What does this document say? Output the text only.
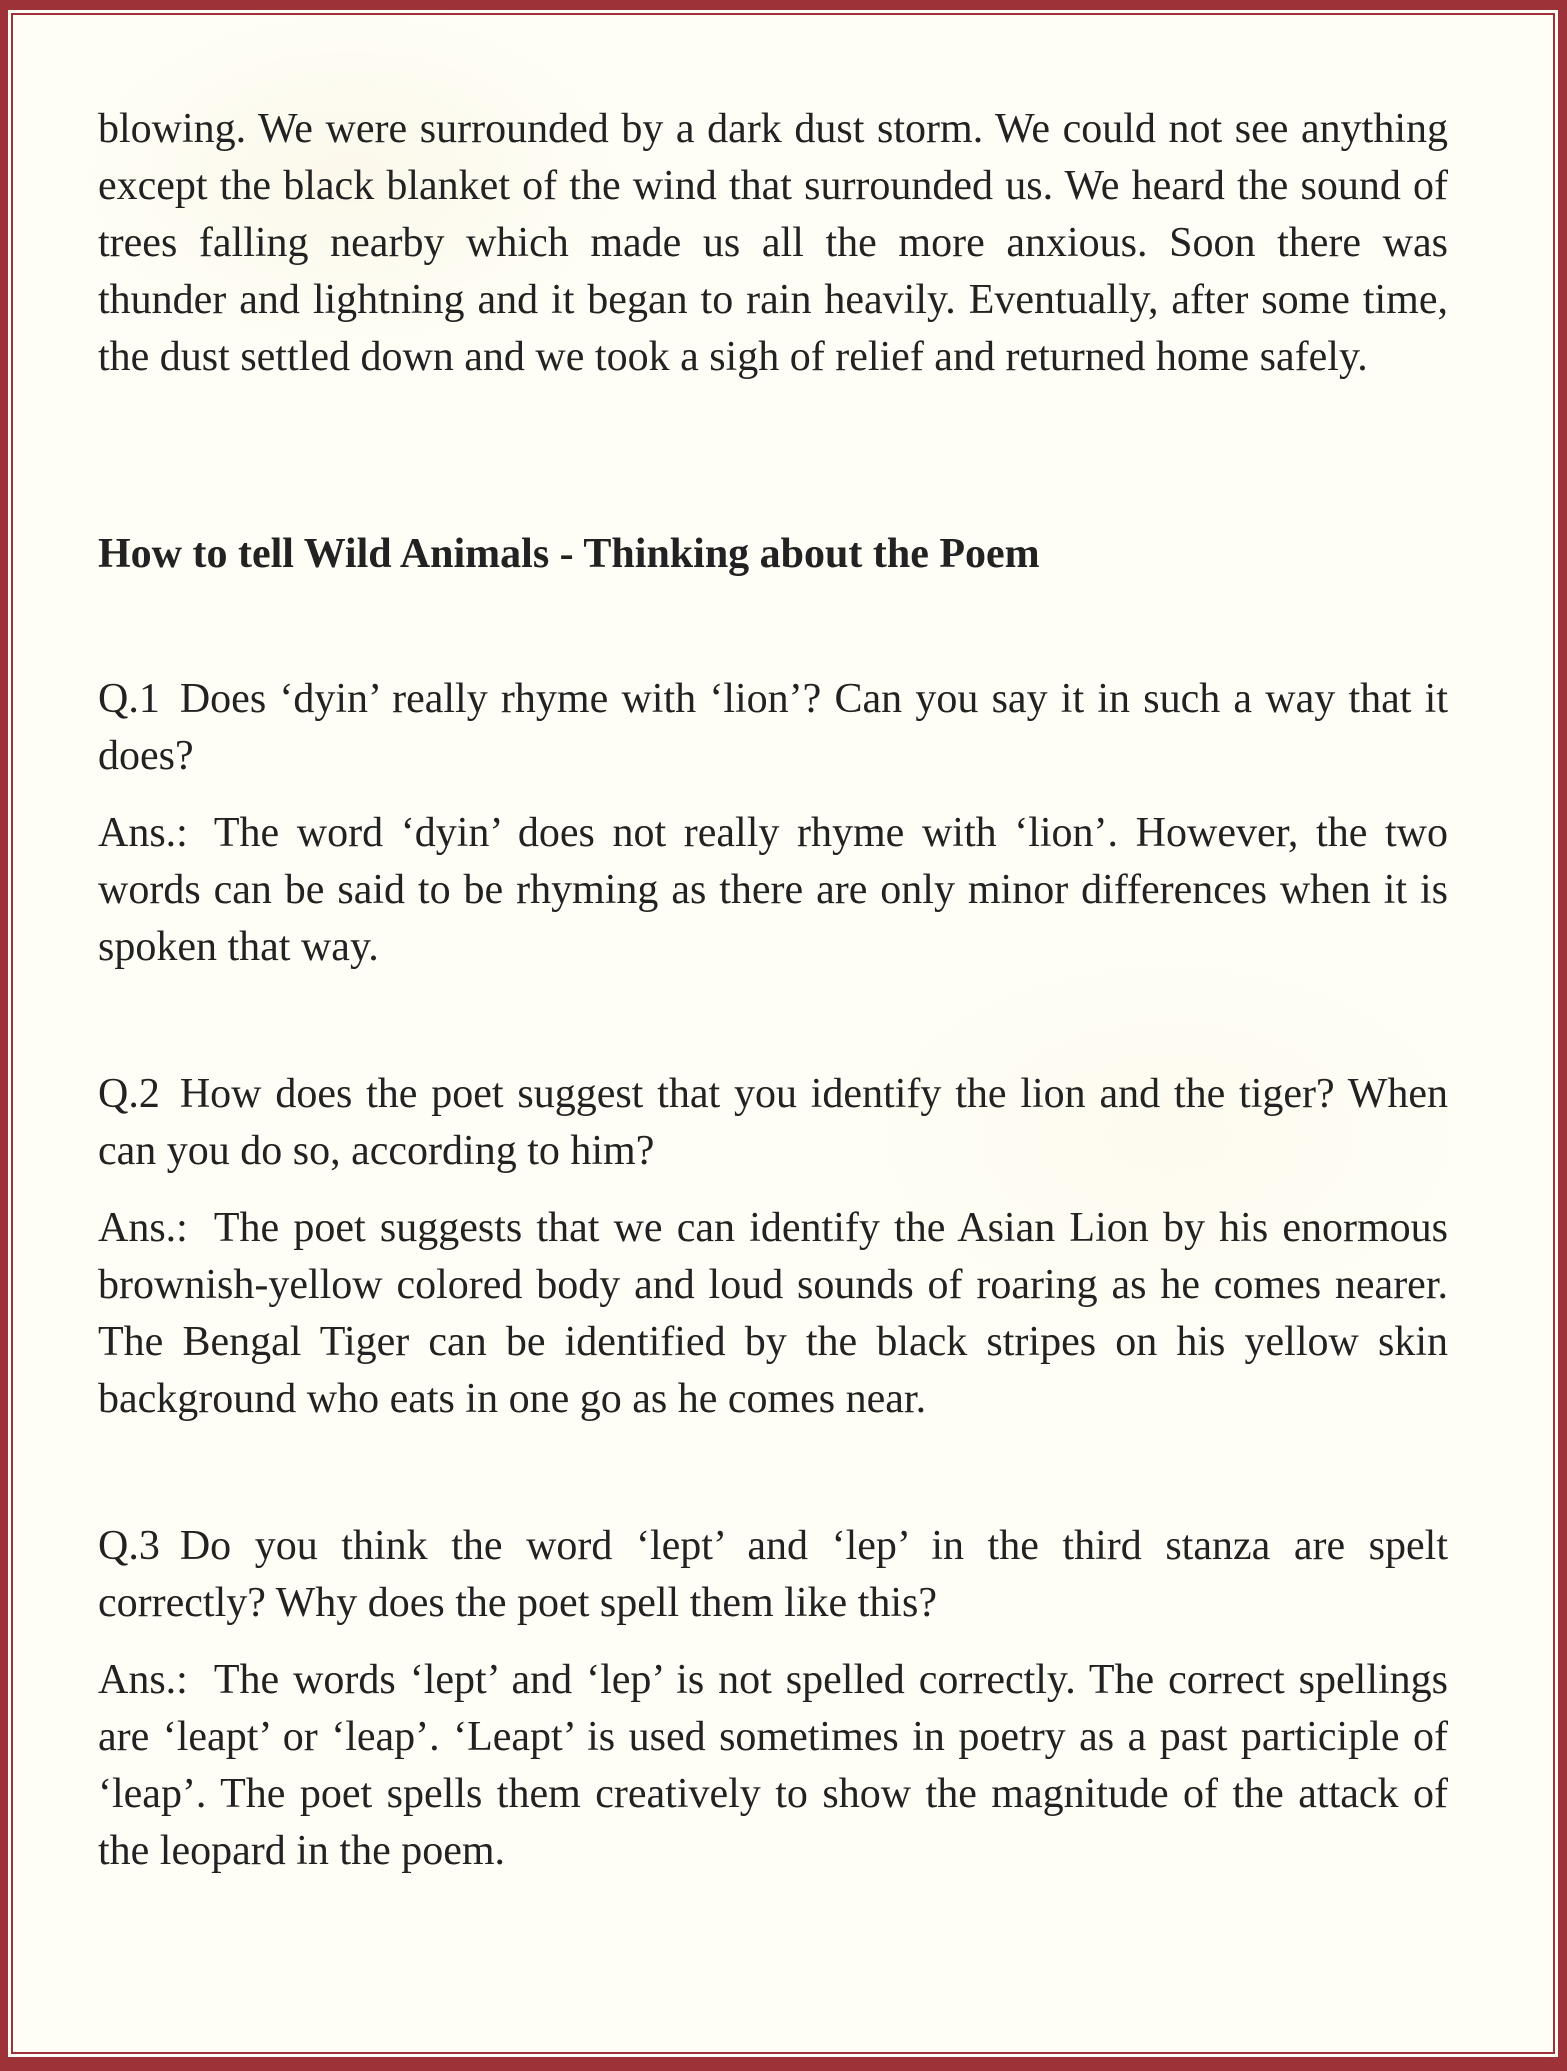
blowing. We were surrounded by a dark dust storm. We could not see anything except the black blanket of the wind that surrounded us. We heard the sound of trees falling nearby which made us all the more anxious. Soon there was thunder and lightning and it began to rain heavily. Eventually, after some time, the dust settled down and we took a sigh of relief and returned home safely.

How to tell Wild Animals - Thinking about the Poem

Q.1 Does ‘dyin’ really rhyme with ‘lion’? Can you say it in such a way that it does?

Ans.: The word ‘dyin’ does not really rhyme with ‘lion’. However, the two words can be said to be rhyming as there are only minor differences when it is spoken that way.

Q.2 How does the poet suggest that you identify the lion and the tiger? When can you do so, according to him?

Ans.: The poet suggests that we can identify the Asian Lion by his enormous brownish-yellow colored body and loud sounds of roaring as he comes nearer. The Bengal Tiger can be identified by the black stripes on his yellow skin background who eats in one go as he comes near.

Q.3 Do you think the word ‘lept’ and ‘lep’ in the third stanza are spelt correctly? Why does the poet spell them like this?

Ans.: The words ‘lept’ and ‘lep’ is not spelled correctly. The correct spellings are ‘leapt’ or ‘leap’. ‘Leapt’ is used sometimes in poetry as a past participle of ‘leap’. The poet spells them creatively to show the magnitude of the attack of the leopard in the poem.
